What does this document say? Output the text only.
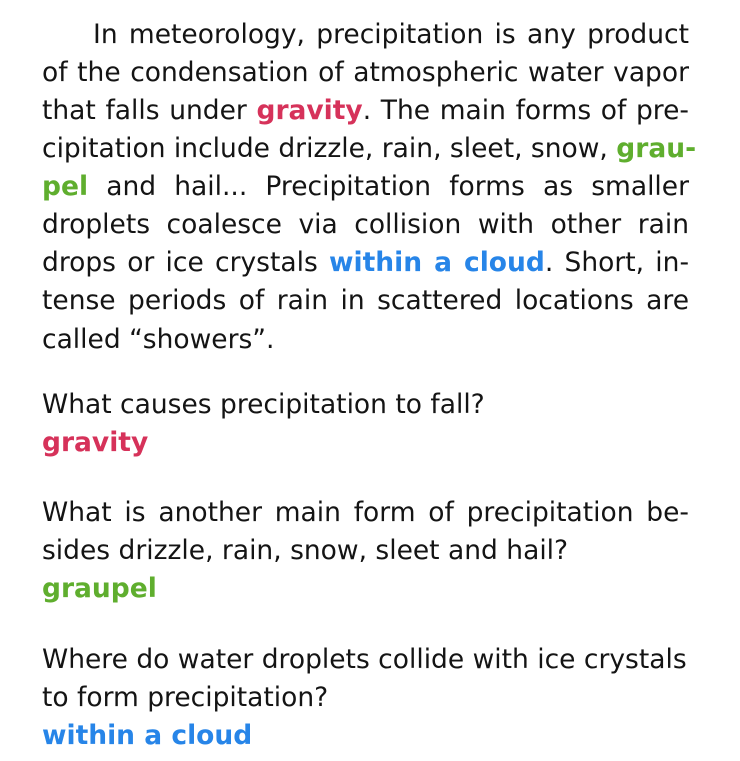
In meteorology, precipitation is any product
of the condensation of atmospheric water vapor
that falls under gravity. The main forms of pre-
cipitation include drizzle, rain, sleet, snow, grau-
pel and hail... Precipitation forms as smaller
droplets coalesce via collision with other rain
drops or ice crystals within a cloud. Short, in-
tense periods of rain in scattered locations are
called “showers”.
What causes precipitation to fall?
gravity
What is another main form of precipitation be-
sides drizzle, rain, snow, sleet and hail?
graupel
Where do water droplets collide with ice crystals
to form precipitation?
within a cloud
